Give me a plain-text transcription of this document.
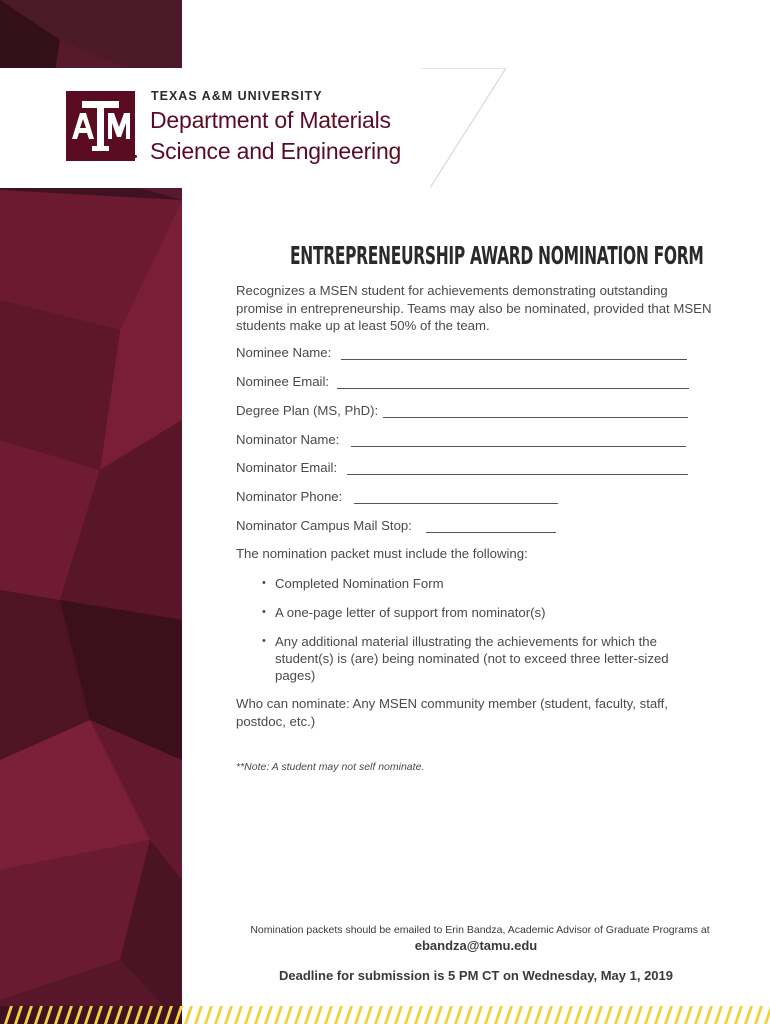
TEXAS A&M UNIVERSITY
Department of Materials
Science and Engineering
ENTREPRENEURSHIP AWARD NOMINATION FORM
Recognizes a MSEN student for achievements demonstrating outstanding promise in entrepreneurship. Teams may also be nominated, provided that MSEN students make up at least 50% of the team.
Nominee Name:
Nominee Email:
Degree Plan (MS, PhD):
Nominator Name:
Nominator Email:
Nominator Phone:
Nominator Campus Mail Stop:
The nomination packet must include the following:
• Completed Nomination Form
• A one-page letter of support from nominator(s)
• Any additional material illustrating the achievements for which the student(s) is (are) being nominated (not to exceed three letter-sized pages)
Who can nominate: Any MSEN community member (student, faculty, staff, postdoc, etc.)
**Note: A student may not self nominate.
Nomination packets should be emailed to Erin Bandza, Academic Advisor of Graduate Programs at
ebandza@tamu.edu
Deadline for submission is 5 PM CT on Wednesday, May 1, 2019
